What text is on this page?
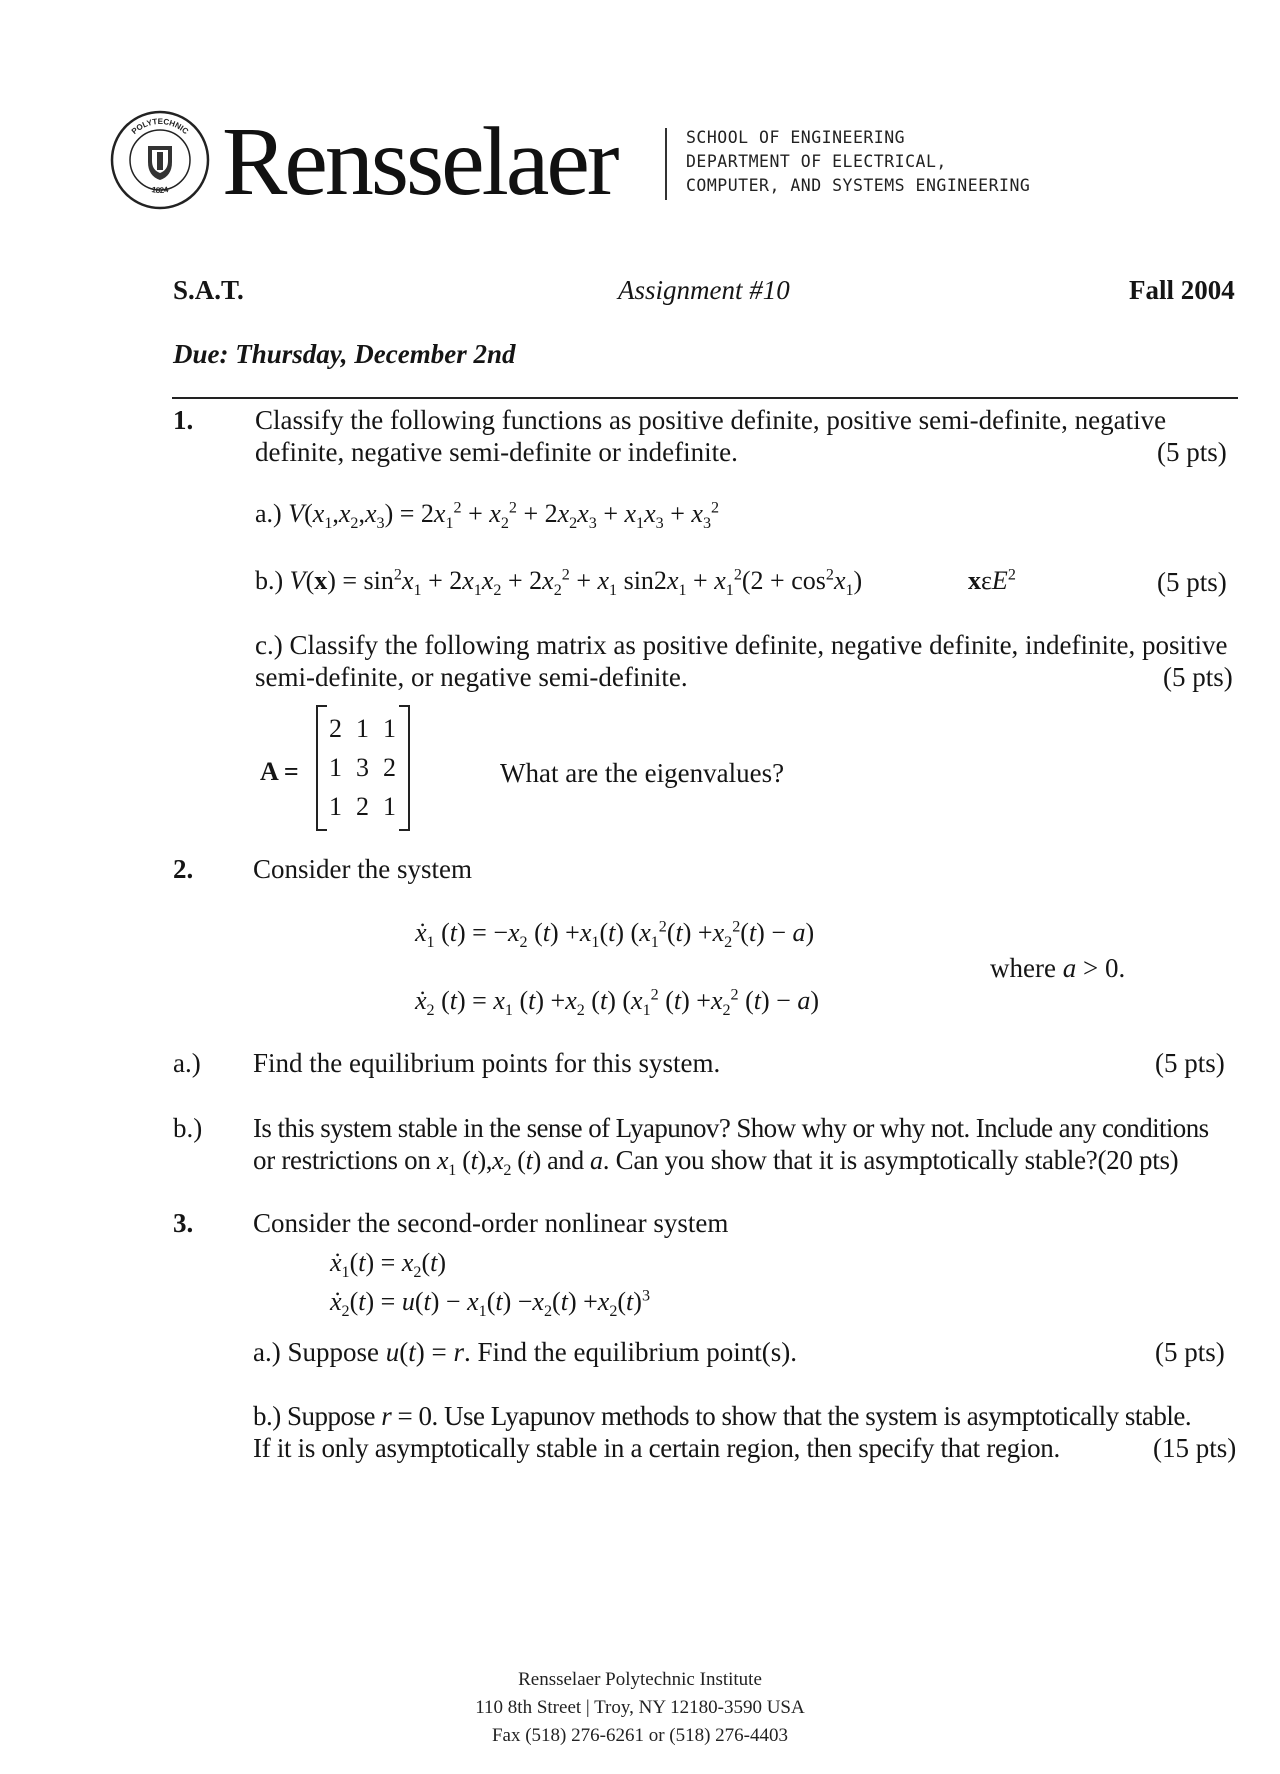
POLYTECHNIC
1824 Rensselaer	SCHOOL OF ENGINEERING
DEPARTMENT OF ELECTRICAL,
COMPUTER, AND SYSTEMS ENGINEERING
S.A.T.	Assignment #10	Fall 2004
Due: Thursday, December 2nd
1. Classify the following functions as positive definite, positive semi-definite, negative
definite, negative semi-definite or indefinite.	(5 pts)
a.) $V(x_1,x_2,x_3) = 2x_1^2 + x_2^2 + 2x_2x_3 + x_1x_3 + x_3^2$
b.) $V(x) = \sin^2x_1 + 2x_1x_2 + 2x_2^2 + x_1$ $\sin 2x_1 + x_1^2(2 + \cos^2x_1)$	xεE$^2$	(5 pts)
c.) Classify the following matrix as positive definite, negative definite, indefinite, positive
semi-definite, or negative semi-definite.	(5 pts)
A =
2	1	1
1	3	2
1	2	1
What are the eigenvalues?
2. Consider the system
ẋ$_1$ $(t) = -x_2$ $(t) +x_1(t)$ $(x_1^2(t) +x_2^2(t) - a)$
ẋ$_2$ $(t) = x_1$ $(t) +x_2$ (t) ($x_1^2$ $(t) +x_2^2$ (t) − a)
where a > 0.
a.) Find the equilibrium points for this system.	(5 pts)
b.) Is this system stable in the sense of Lyapunov? Show why or why not. Include any conditions
or restrictions on $x_1$ $(t),x_2$ (t) and a. Can you show that it is asymptotically stable?(20 pts)
3. Consider the second-order nonlinear system
ẋ$_1$(t) = $x_2(t)$
ẋ$_2$(t) = $u(t) - x_1(t) -x_2(t) +x_2(t)^3$
a.) Suppose u(t) = r. Find the equilibrium point(s).	(5 pts)
b.) Suppose r = 0. Use Lyapunov methods to show that the system is asymptotically stable.
If it is only asymptotically stable in a certain region, then specify that region.	(15 pts)
Rensselaer Polytechnic Institute
110 8th Street | Troy, NY 12180-3590 USA
Fax (518) 276-6261 or (518) 276-4403
